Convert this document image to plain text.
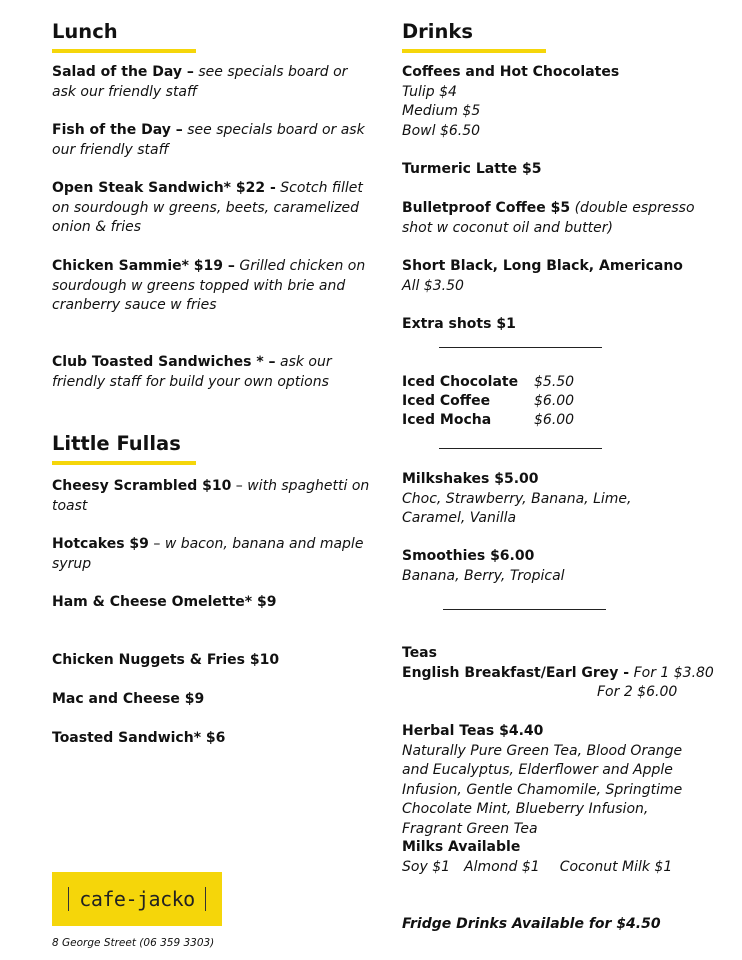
Lunch
Salad of the Day – see specials board or ask our friendly staff
Fish of the Day – see specials board or ask our friendly staff
Open Steak Sandwich* $22 - Scotch fillet on sourdough w greens, beets, caramelized onion & fries
Chicken Sammie* $19 – Grilled chicken on sourdough w greens topped with brie and cranberry sauce w fries
Club Toasted Sandwiches * – ask our friendly staff for build your own options
Little Fullas
Cheesy Scrambled $10 – with spaghetti on toast
Hotcakes $9 – w bacon, banana and maple syrup
Ham & Cheese Omelette* $9
Chicken Nuggets & Fries $10
Mac and Cheese $9
Toasted Sandwich* $6
cafe-jacko
8 George Street (06 359 3303)
Drinks
Coffees and Hot Chocolates
Tulip $4
Medium $5
Bowl $6.50
Turmeric Latte $5
Bulletproof Coffee $5 (double espresso shot w coconut oil and butter)
Short Black, Long Black, Americano
All $3.50
Extra shots $1
Iced Chocolate $5.50
Iced Coffee	$6.00
Iced Mocha	$6.00
Milkshakes $5.00
Choc, Strawberry, Banana, Lime, Caramel, Vanilla
Smoothies $6.00
Banana, Berry, Tropical
Teas
English Breakfast/Earl Grey - For 1 $3.80
For 2 $6.00
Herbal Teas $4.40
Naturally Pure Green Tea, Blood Orange and Eucalyptus, Elderflower and Apple Infusion, Gentle Chamomile, Springtime Chocolate Mint, Blueberry Infusion, Fragrant Green Tea
Milks Available
Soy $1 Almond $1 Coconut Milk $1
Fridge Drinks Available for $4.50
